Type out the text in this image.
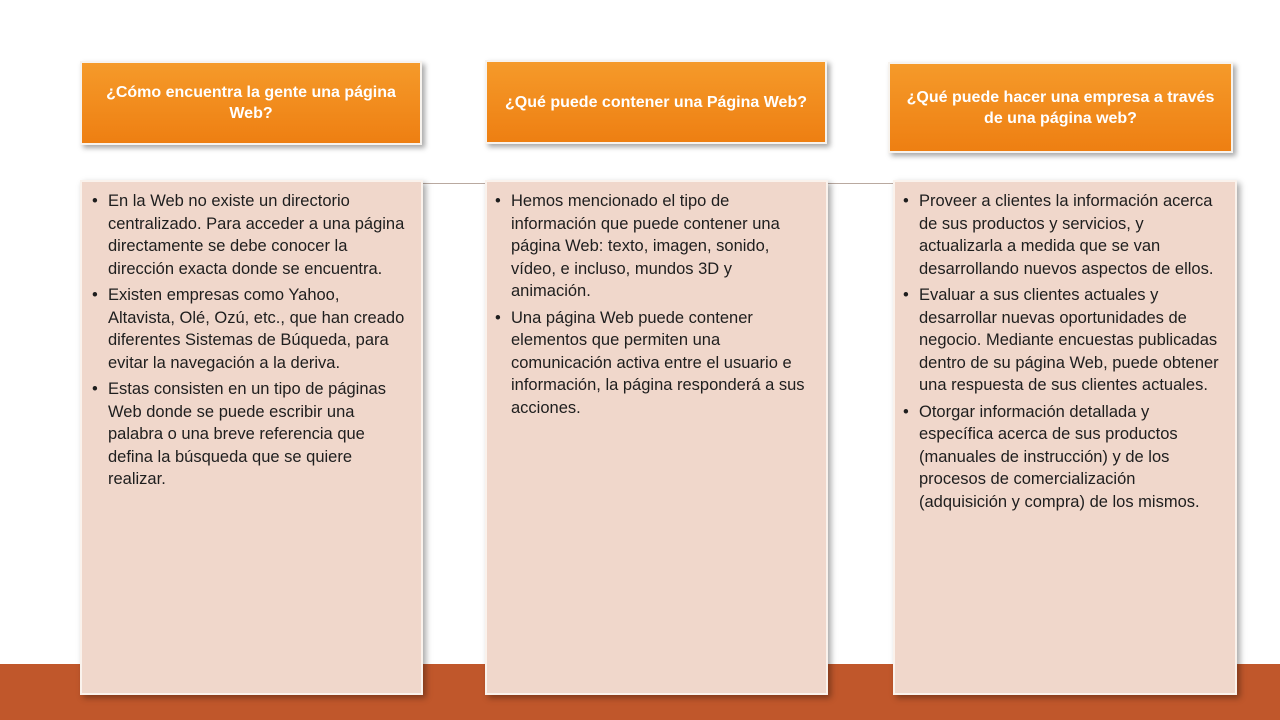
¿Cómo encuentra la gente una página Web?
• En la Web no existe un directorio centralizado. Para acceder a una página directamente se debe conocer la dirección exacta donde se encuentra.
• Existen empresas como Yahoo, Altavista, Olé, Ozú, etc., que han creado diferentes Sistemas de Búqueda, para evitar la navegación a la deriva.
• Estas consisten en un tipo de páginas Web donde se puede escribir una palabra o una breve referencia que defina la búsqueda que se quiere realizar.
¿Qué puede contener una Página Web?
• Hemos mencionado el tipo de información que puede contener una página Web: texto, imagen, sonido, vídeo, e incluso, mundos 3D y animación.
• Una página Web puede contener elementos que permiten una comunicación activa entre el usuario e información, la página responderá a sus acciones.
¿Qué puede hacer una empresa a través de una página web?
• Proveer a clientes la información acerca de sus productos y servicios, y actualizarla a medida que se van desarrollando nuevos aspectos de ellos.
• Evaluar a sus clientes actuales y desarrollar nuevas oportunidades de negocio. Mediante encuestas publicadas dentro de su página Web, puede obtener una respuesta de sus clientes actuales.
• Otorgar información detallada y específica acerca de sus productos (manuales de instrucción) y de los procesos de comercialización (adquisición y compra) de los mismos.
